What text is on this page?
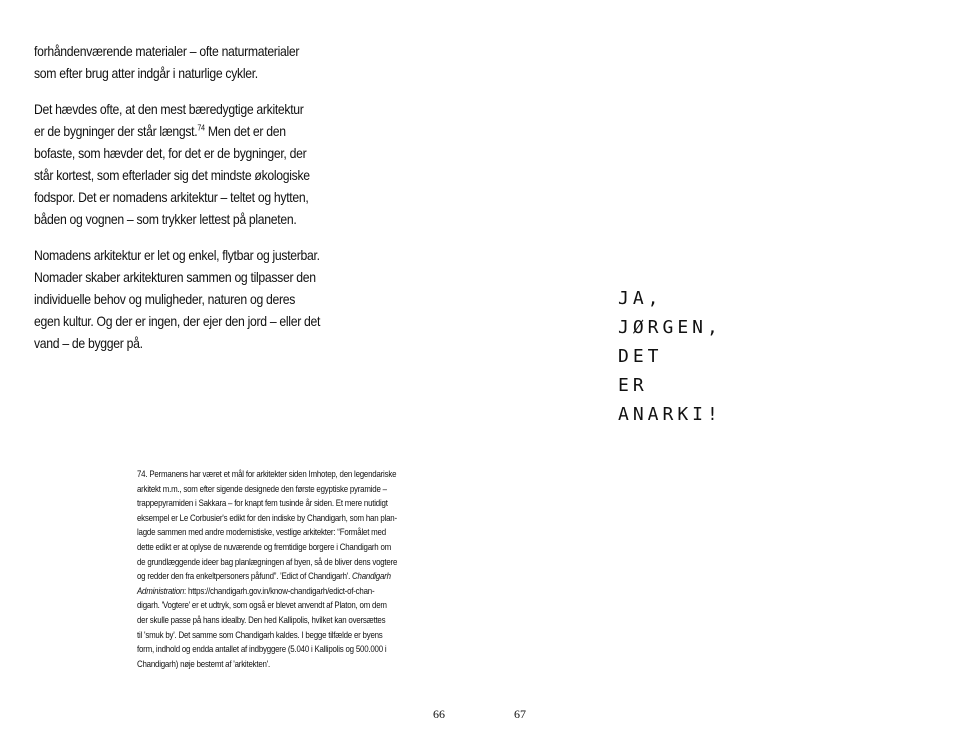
forhåndenværende materialer – ofte naturmaterialer
som efter brug atter indgår i naturlige cykler.

Det hævdes ofte, at den mest bæredygtige arkitektur
er de bygninger der står længst.$^{74}$ Men det er den
bofaste, som hævder det, for det er de bygninger, der
står kortest, som efterlader sig det mindste økologiske
fodspor. Det er nomadens arkitektur – teltet og hytten,
båden og vognen – som trykker lettest på planeten.

Nomadens arkitektur er let og enkel, flytbar og justerbar.
Nomader skaber arkitekturen sammen og tilpasser den
individuelle behov og muligheder, naturen og deres
egen kultur. Og der er ingen, der ejer den jord – eller det
vand – de bygger på.

74. Permanens har været et mål for arkitekter siden Imhotep, den legendariske
arkitekt m.m., som efter sigende designede den første egyptiske pyramide –
trappepyramiden i Sakkara – for knapt fem tusinde år siden. Et mere nutidigt
eksempel er Le Corbusier's edikt for den indiske by Chandigarh, som han plan-
lagde sammen med andre modernistiske, vestlige arkitekter: “Formålet med
dette edikt er at oplyse de nuværende og fremtidige borgere i Chandigarh om
de grundlæggende ideer bag planlægningen af byen, så de bliver dens vogtere
og redder den fra enkeltpersoners påfund”. 'Edict of Chandigarh'. Chandigarh
Administration: https://chandigarh.gov.in/know-chandigarh/edict-of-chan-
digarh. 'Vogtere' er et udtryk, som også er blevet anvendt af Platon, om dem
der skulle passe på hans idealby. Den hed Kallipolis, hvilket kan oversættes
til 'smuk by'. Det samme som Chandigarh kaldes. I begge tilfælde er byens
form, indhold og endda antallet af indbyggere (5.040 i Kallipolis og 500.000 i
Chandigarh) nøje bestemt af 'arkitekten'.
66	67
JA,
JØRGEN,
DET
ER
ANARKI!
